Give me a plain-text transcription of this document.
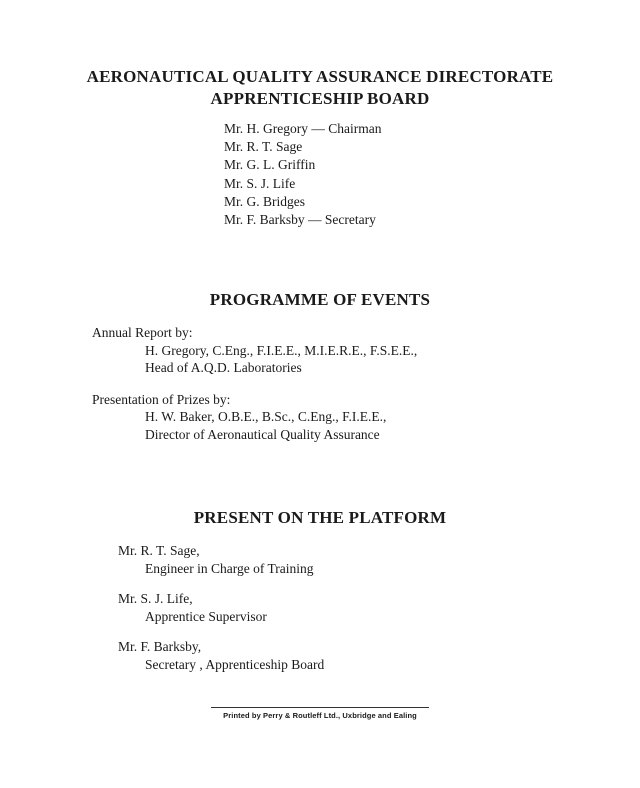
AERONAUTICAL QUALITY ASSURANCE DIRECTORATE
APPRENTICESHIP BOARD
Mr. H. Gregory — Chairman
Mr. R. T. Sage
Mr. G. L. Griffin
Mr. S. J. Life
Mr. G. Bridges
Mr. F. Barksby — Secretary
PROGRAMME OF EVENTS
Annual Report by:
H. Gregory, C.Eng., F.I.E.E., M.I.E.R.E., F.S.E.E.,
Head of A.Q.D. Laboratories
Presentation of Prizes by:
H. W. Baker, O.B.E., B.Sc., C.Eng., F.I.E.E.,
Director of Aeronautical Quality Assurance
PRESENT ON THE PLATFORM
Mr. R. T. Sage,
Engineer in Charge of Training
Mr. S. J. Life,
Apprentice Supervisor
Mr. F. Barksby,
Secretary , Apprenticeship Board
Printed by Perry & Routleff Ltd., Uxbridge and Ealing
